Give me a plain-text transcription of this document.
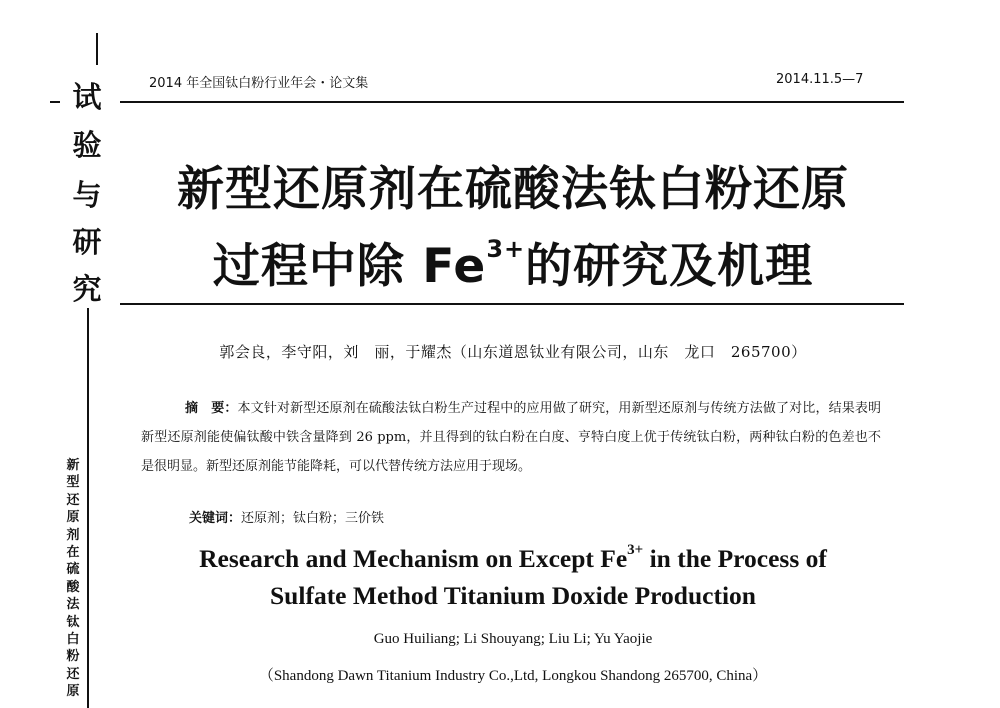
试
验
与
研
究
新
型
还
原
剂
在
硫
酸
法
钛
白
粉
还
原
2014 年全国钛白粉行业年会・论文集	2014.11.5—7
新型还原剂在硫酸法钛白粉还原
过程中除 $Fe^{3+}$的研究及机理
郭会良，李守阳，刘　丽，于耀杰（山东道恩钛业有限公司，山东　龙口　265700）
摘　要：本文针对新型还原剂在硫酸法钛白粉生产过程中的应用做了研究，用新型还原剂与传统方法做了对比，结果表明新型还原剂能使偏钛酸中铁含量降到 26 ppm，并且得到的钛白粉在白度、亨特白度上优于传统钛白粉，两种钛白粉的色差也不是很明显。新型还原剂能节能降耗，可以代替传统方法应用于现场。
关键词：还原剂；钛白粉；三价铁
Research and Mechanism on Except $Fe^{3+}$ in the Process of
Sulfate Method Titanium Doxide Production
Guo Huiliang; Li Shouyang; Liu Li; Yu Yaojie
（Shandong Dawn Titanium Industry Co.,Ltd, Longkou Shandong 265700, China）
